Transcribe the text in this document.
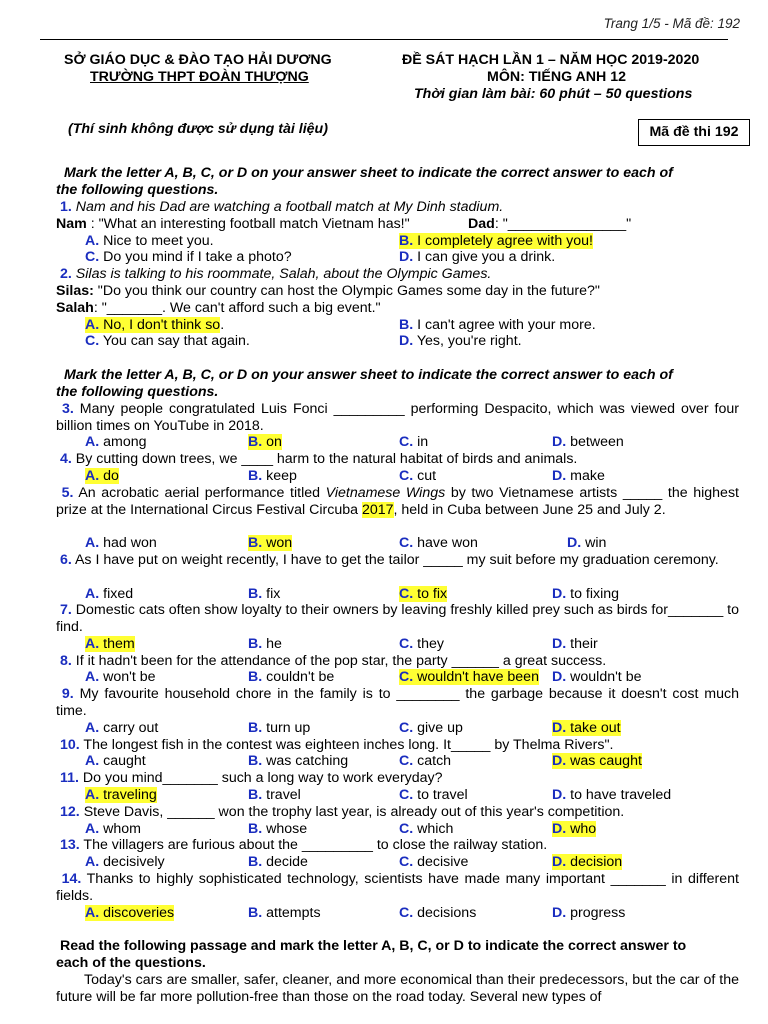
Trang 1/5 - Mã đề: 192
SỞ GIÁO DỤC & ĐÀO TẠO HẢI DƯƠNG
TRƯỜNG THPT ĐOÀN THƯỢNG
ĐỀ SÁT HẠCH LẦN 1 – NĂM HỌC 2019-2020
MÔN: TIẾNG ANH 12
Thời gian làm bài: 60 phút – 50 questions
(Thí sinh không được sử dụng tài liệu)	Mã đề thi 192
Mark the letter A, B, C, or D on your answer sheet to indicate the correct answer to each of
the following questions.
1. Nam and his Dad are watching a football match at My Dinh stadium.
Nam : "What an interesting football match Vietnam has!"	Dad: "_______________"
A. Nice to meet you.	B. I completely agree with you!
C. Do you mind if I take a photo?	D. I can give you a drink.
2. Silas is talking to his roommate, Salah, about the Olympic Games.
Silas: "Do you think our country can host the Olympic Games some day in the future?"
Salah: "_______. We can't afford such a big event."
A. No, I don't think so.	B. I can't agree with your more.
C. You can say that again.	D. Yes, you're right.
Mark the letter A, B, C, or D on your answer sheet to indicate the correct answer to each of
the following questions.
3. Many people congratulated Luis Fonci _________ performing Despacito, which was viewed over four billion times on YouTube in 2018.
A. among	B. on	C. in	D. between
4. By cutting down trees, we ____ harm to the natural habitat of birds and animals.
A. do	B. keep	C. cut	D. make
5. An acrobatic aerial performance titled Vietnamese Wings by two Vietnamese artists _____ the highest prize at the International Circus Festival Circuba 2017, held in Cuba between June 25 and July 2.
A. had won	B. won	C. have won	D. win
6. As I have put on weight recently, I have to get the tailor _____ my suit before my graduation ceremony.
A. fixed	B. fix	C. to fix	D. to fixing
7. Domestic cats often show loyalty to their owners by leaving freshly killed prey such as birds for_______ to find.
A. them	B. he	C. they	D. their
8. If it hadn't been for the attendance of the pop star, the party ______ a great success.
A. won't be	B. couldn't be	C. wouldn't have been D. wouldn't be
9. My favourite household chore in the family is to ________ the garbage because it doesn't cost much time.
A. carry out	B. turn up	C. give up	D. take out
10. The longest fish in the contest was eighteen inches long. It_____ by Thelma Rivers".
A. caught	B. was catching	C. catch	D. was caught
11. Do you mind_______ such a long way to work everyday?
A. traveling	B. travel	C. to travel	D. to have traveled
12. Steve Davis, ______ won the trophy last year, is already out of this year's competition.
A. whom	B. whose	C. which	D. who
13. The villagers are furious about the _________ to close the railway station.
A. decisively	B. decide	C. decisive	D. decision
14. Thanks to highly sophisticated technology, scientists have made many important _______ in different fields.
A. discoveries	B. attempts	C. decisions	D. progress
Read the following passage and mark the letter A, B, C, or D to indicate the correct answer to
each of the questions.
Today's cars are smaller, safer, cleaner, and more economical than their predecessors, but the car of the future will be far more pollution-free than those on the road today. Several new types of
